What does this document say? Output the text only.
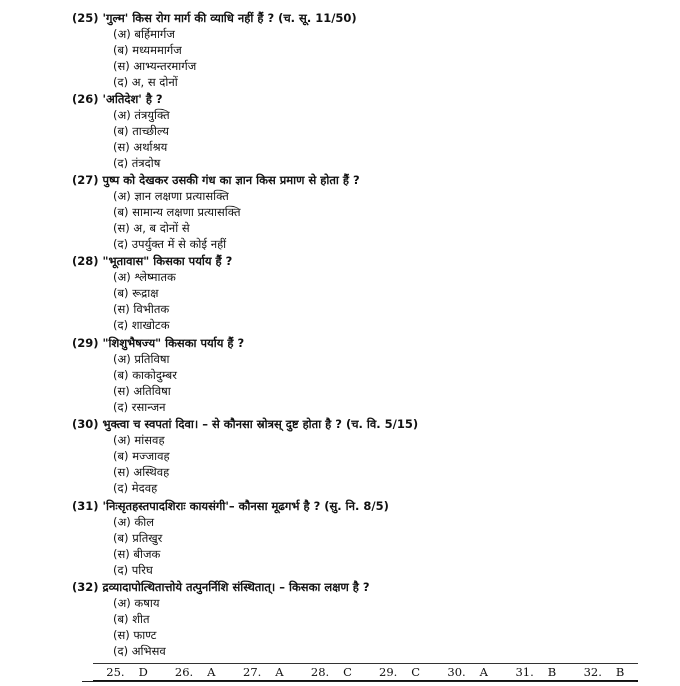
(25) 'गुल्म' किस रोग मार्ग की व्याधि नहीं हैं ? (च. सू. 11/50)
(अ) बर्हिमार्गज
(ब) मध्यममार्गज
(स) आभ्यन्तरमार्गज
(द) अ, स दोनों
(26) 'अतिदेश' है ?
(अ) तंत्रयुक्ति
(ब) ताच्छील्य
(स) अर्थाश्रय
(द) तंत्रदोष
(27) पुष्प को देखकर उसकी गंध का ज्ञान किस प्रमाण से होता हैं ?
(अ) ज्ञान लक्षणा प्रत्यासक्ति
(ब) सामान्य लक्षणा प्रत्यासक्ति
(स) अ, ब दोनों से
(द) उपर्युक्त में से कोई नहीं
(28) "भूतावास" किसका पर्याय हैं ?
(अ) श्लेष्मातक
(ब) रूद्राक्ष
(स) विभीतक
(द) शाखोटक
(29) "शिशुभैषज्य" किसका पर्याय हैं ?
(अ) प्रतिविषा
(ब) काकोदुम्बर
(स) अतिविषा
(द) रसान्जन
(30) भुक्त्वा च स्वपतां दिवा। – से कौनसा स्रोत्रस् दुष्ट होता है ? (च. वि. 5/15)
(अ) मांसवह
(ब) मज्जावह
(स) अस्थिवह
(द) मेदवह
(31) 'निःसृतहस्तपादशिराः कायसंगी'– कौनसा मूढगर्भ है ? (सु. नि. 8/5)
(अ) कील
(ब) प्रतिखुर
(स) बीजक
(द) परिघ
(32) द्रव्यादापोत्थितात्तोये तत्पुनर्निशि संस्थितात्। – किसका लक्षण है ?
(अ) कषाय
(ब) शीत
(स) फाण्ट
(द) अभिसव
25. D 26. A 27. A 28. C 29. C 30. A 31. B 32. B
